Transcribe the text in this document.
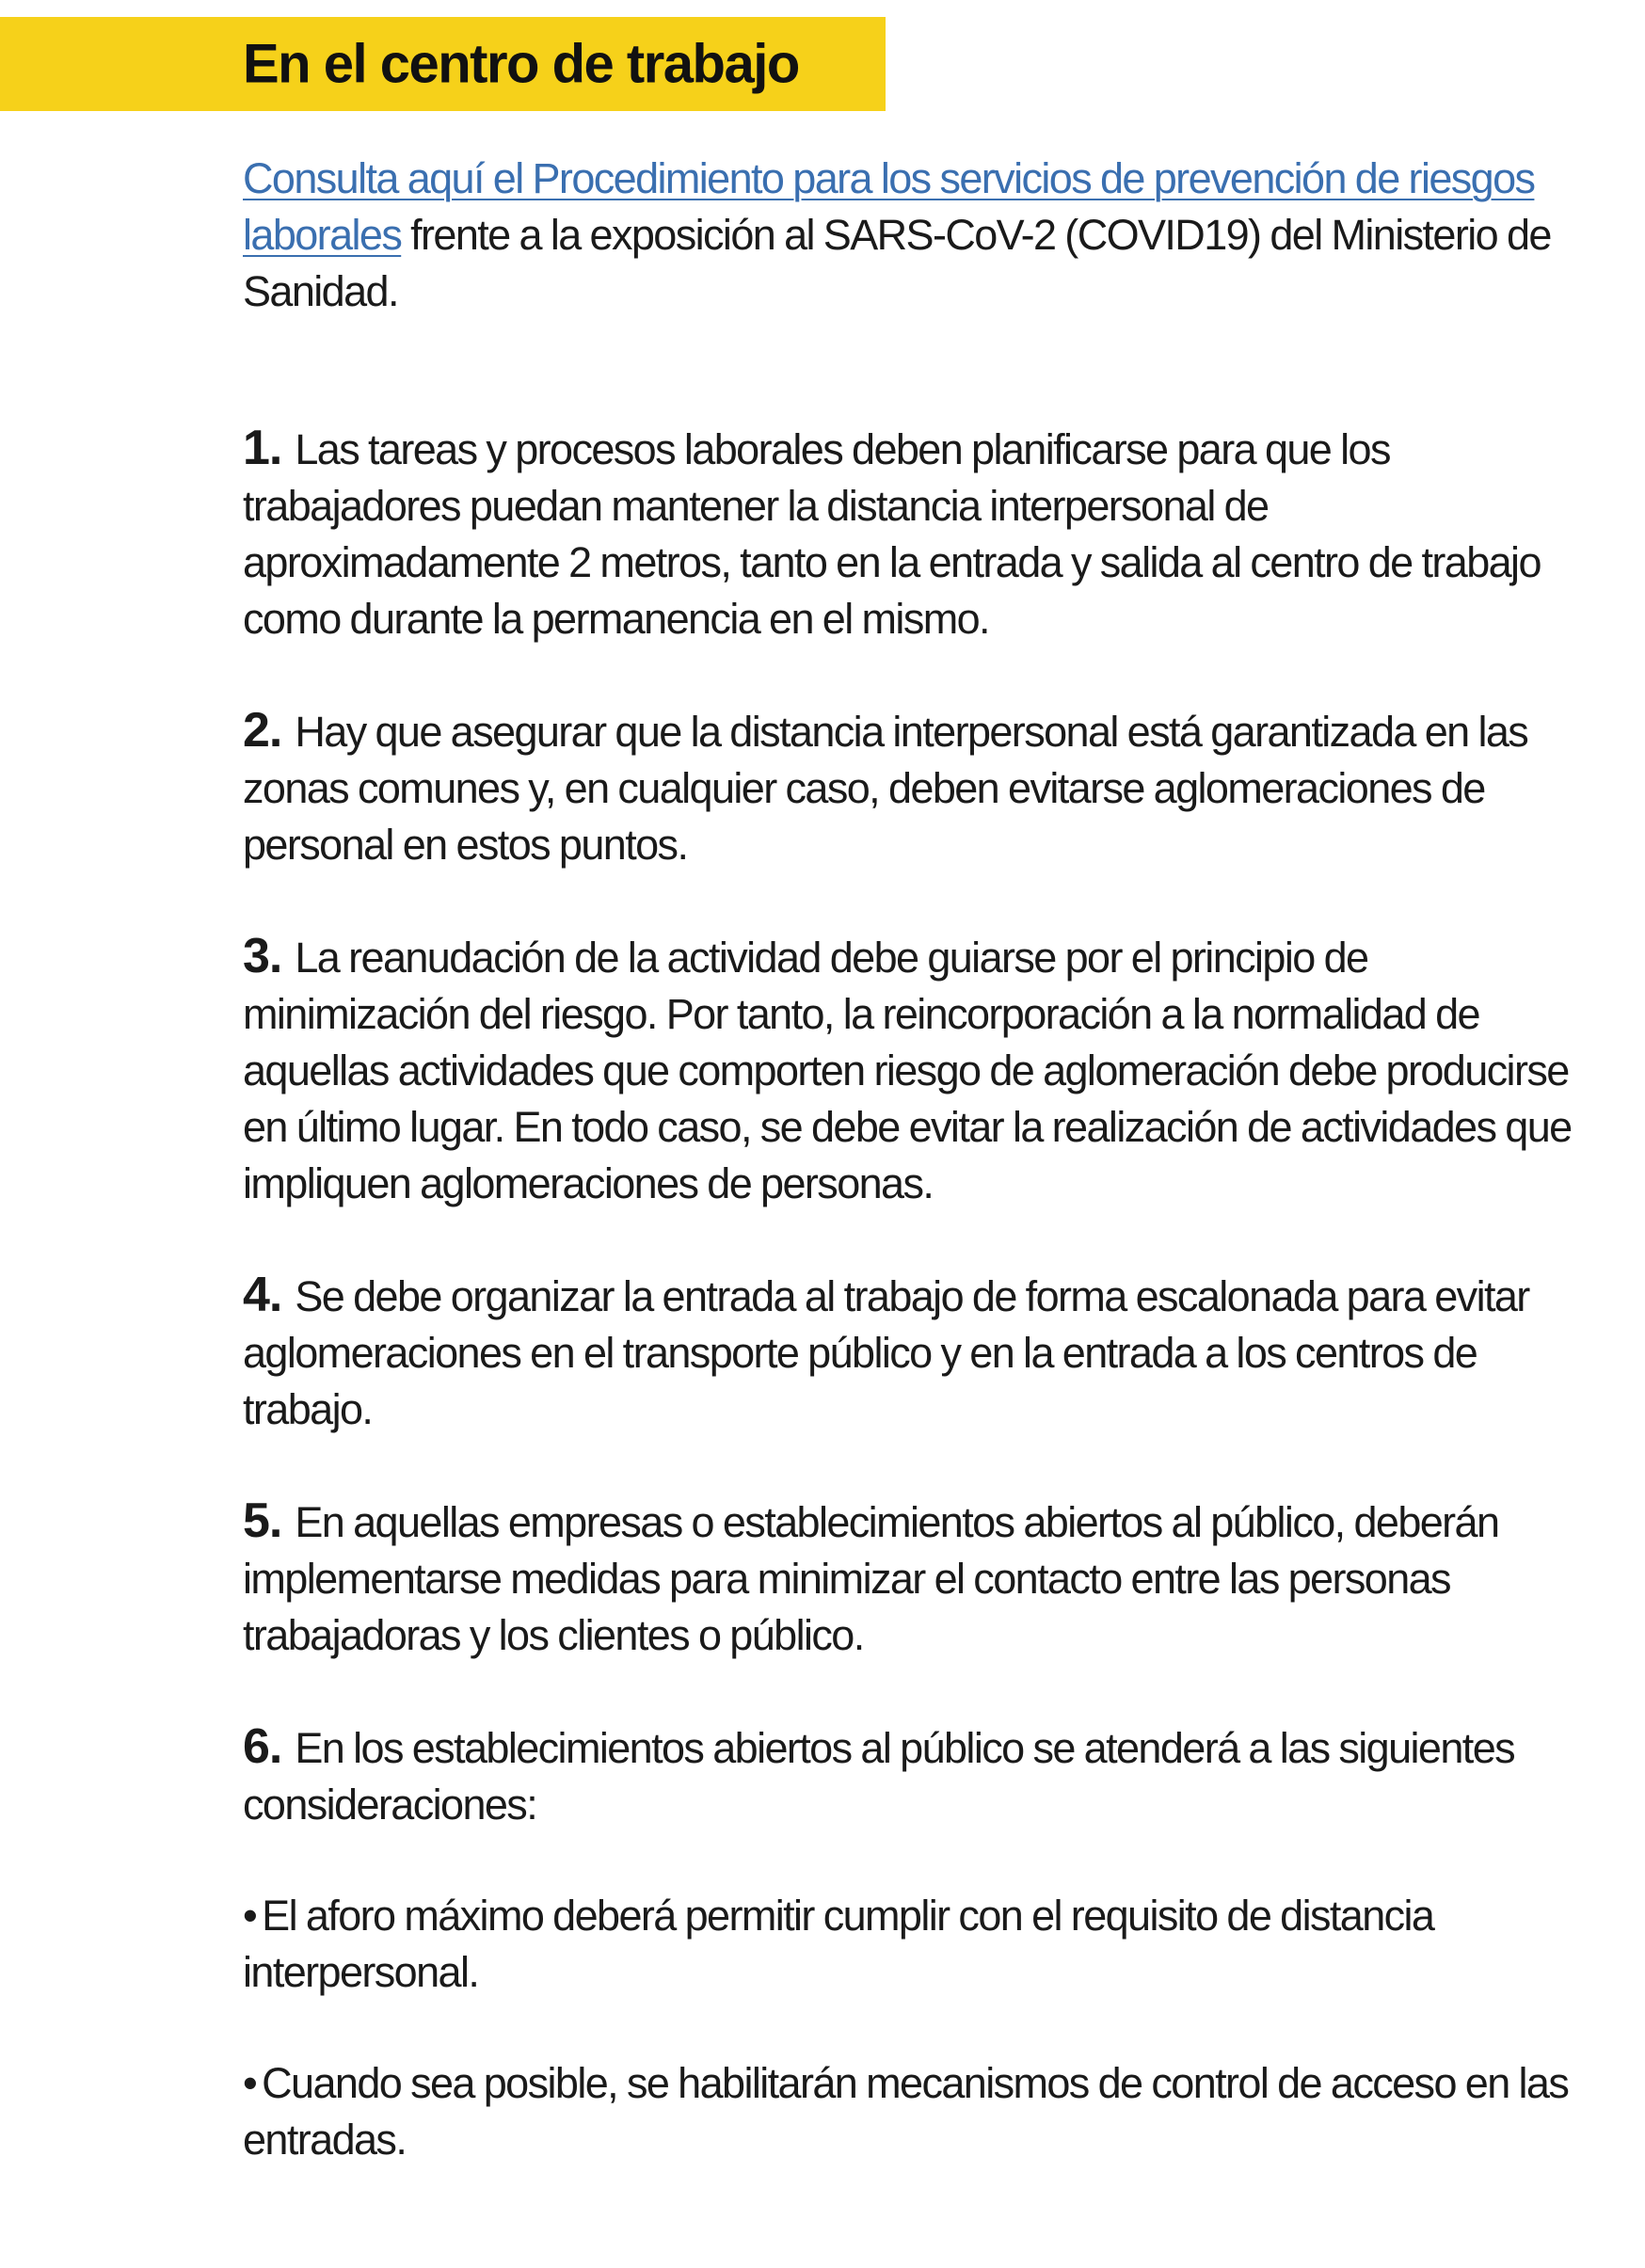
En el centro de trabajo

Consulta aquí el Procedimiento para los servicios de prevención de riesgos laborales frente a la exposición al SARS-CoV-2 (COVID19) del Ministerio de Sanidad.

1. Las tareas y procesos laborales deben planificarse para que los trabajadores puedan mantener la distancia interpersonal de aproximadamente 2 metros, tanto en la entrada y salida al centro de trabajo como durante la permanencia en el mismo.

2. Hay que asegurar que la distancia interpersonal está garantizada en las zonas comunes y, en cualquier caso, deben evitarse aglomeraciones de personal en estos puntos.

3. La reanudación de la actividad debe guiarse por el principio de minimización del riesgo. Por tanto, la reincorporación a la normalidad de aquellas actividades que comporten riesgo de aglomeración debe producirse en último lugar. En todo caso, se debe evitar la realización de actividades que impliquen aglomeraciones de personas.

4. Se debe organizar la entrada al trabajo de forma escalonada para evitar aglomeraciones en el transporte público y en la entrada a los centros de trabajo.

5. En aquellas empresas o establecimientos abiertos al público, deberán implementarse medidas para minimizar el contacto entre las personas trabajadoras y los clientes o público.

6. En los establecimientos abiertos al público se atenderá a las siguientes consideraciones:

• El aforo máximo deberá permitir cumplir con el requisito de distancia interpersonal.

• Cuando sea posible, se habilitarán mecanismos de control de acceso en las entradas.
